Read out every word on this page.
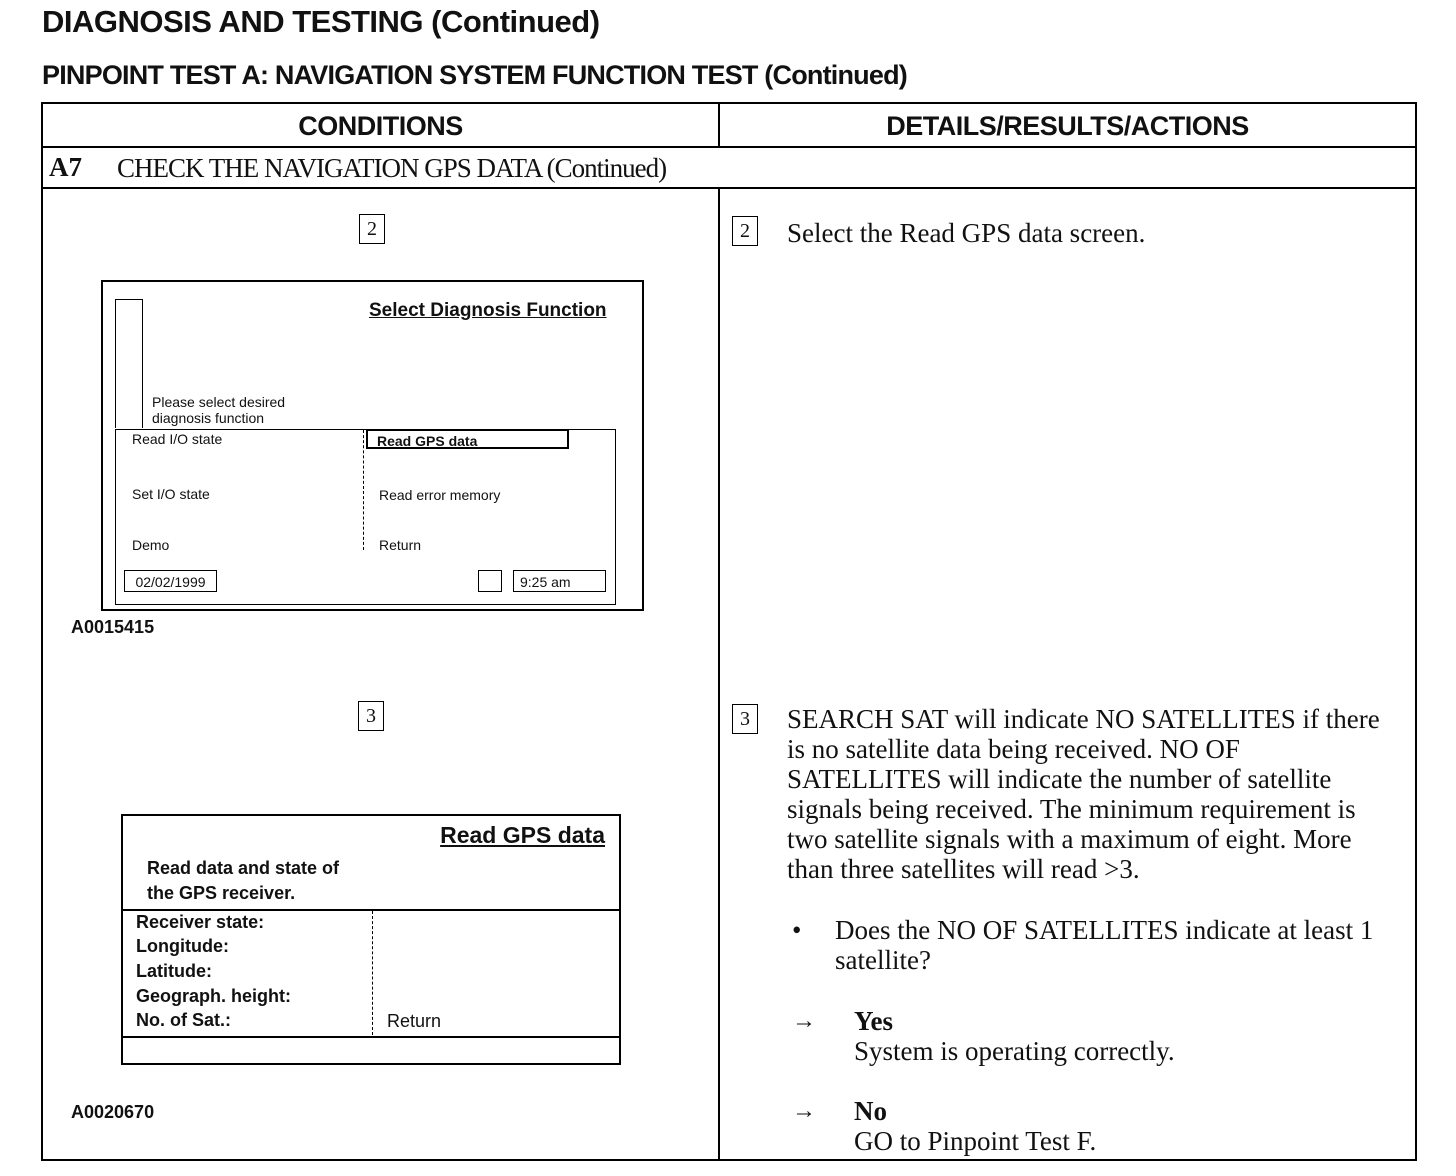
DIAGNOSIS AND TESTING (Continued)
PINPOINT TEST A: NAVIGATION SYSTEM FUNCTION TEST (Continued)
CONDITIONS	DETAILS/RESULTS/ACTIONS
A7 CHECK THE NAVIGATION GPS DATA (Continued)
2
Select Diagnosis Function
Please select desired
diagnosis function
Read I/O state
Set I/O state
Demo
Read GPS data
Read error memory
Return
02/02/1999	9:25 am
A0015415
2 Select the Read GPS data screen.
3
Read GPS data
Read data and state of
the GPS receiver.
Receiver state:
Longitude:
Latitude:
Geograph. height:
No. of Sat.:	Return
A0020670
3 SEARCH SAT will indicate NO SATELLITES if there is no satellite data being received. NO OF SATELLITES will indicate the number of satellite signals being received. The minimum requirement is two satellite signals with a maximum of eight. More than three satellites will read >3.
• Does the NO OF SATELLITES indicate at least 1 satellite?
→ Yes
System is operating correctly.
→ No
GO to Pinpoint Test F.
